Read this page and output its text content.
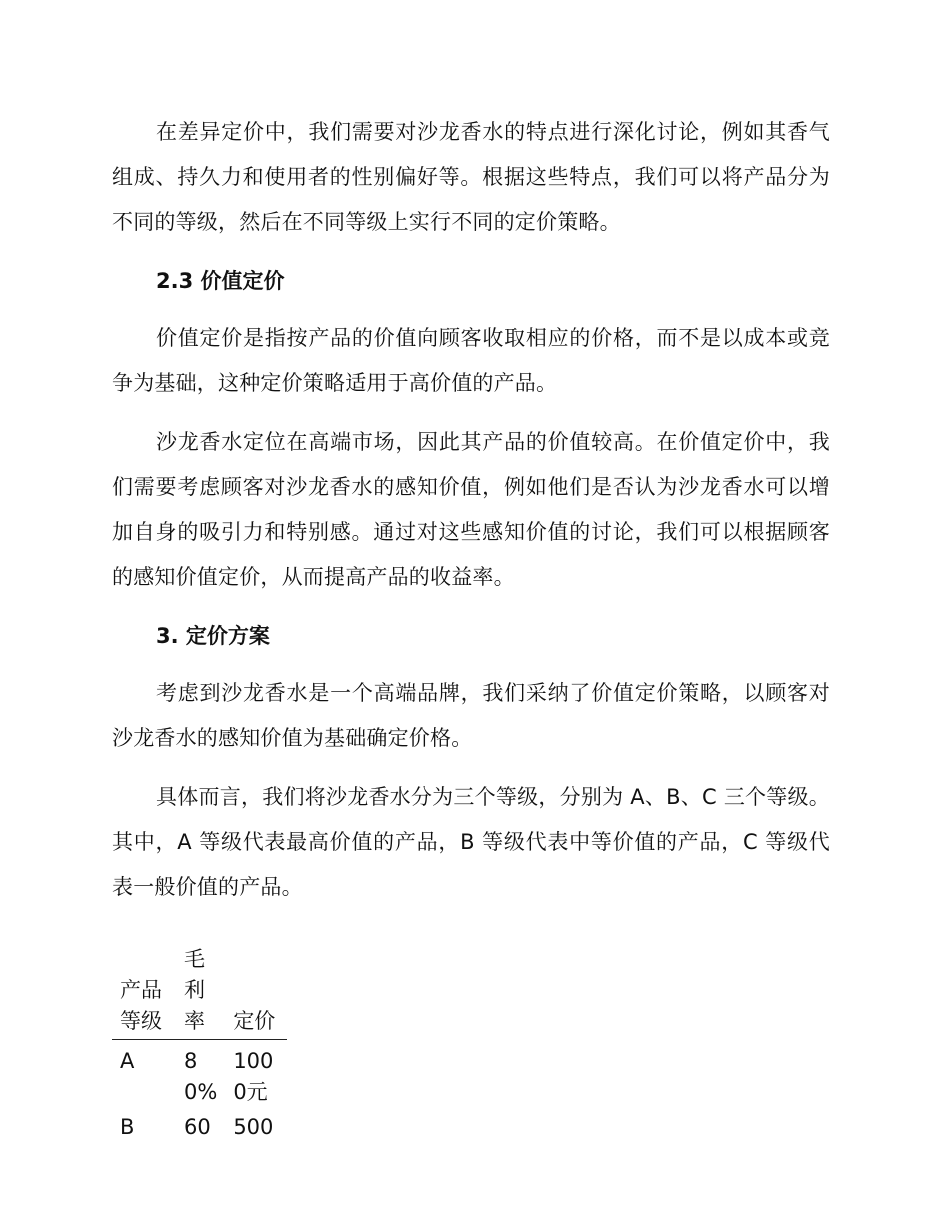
在差异定价中，我们需要对沙龙香水的特点进行深化讨论，例如其香气组成、持久力和使用者的性别偏好等。根据这些特点，我们可以将产品分为不同的等级，然后在不同等级上实行不同的定价策略。

2.3 价值定价

价值定价是指按产品的价值向顾客收取相应的价格，而不是以成本或竞争为基础，这种定价策略适用于高价值的产品。

沙龙香水定位在高端市场，因此其产品的价值较高。在价值定价中，我们需要考虑顾客对沙龙香水的感知价值，例如他们是否认为沙龙香水可以增加自身的吸引力和特别感。通过对这些感知价值的讨论，我们可以根据顾客的感知价值定价，从而提高产品的收益率。

3. 定价方案

考虑到沙龙香水是一个高端品牌，我们采纳了价值定价策略，以顾客对沙龙香水的感知价值为基础确定价格。

具体而言，我们将沙龙香水分为三个等级，分别为 A、B、C 三个等级。其中，A 等级代表最高价值的产品，B 等级代表中等价值的产品，C 等级代表一般价值的产品。

产品等级	毛利率	定价
A	80%	1000元
B	60	500
